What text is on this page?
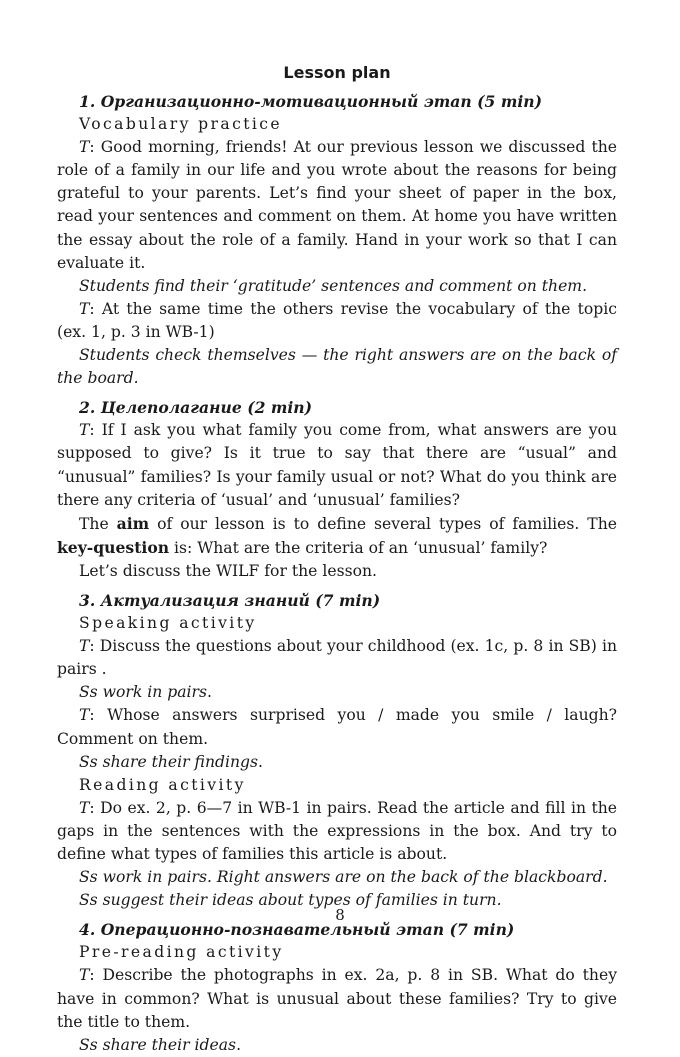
Lesson plan
1. Организационно-мотивационный этап (5 min)
Vocabulary practice

T: Good morning, friends! At our previous lesson we discussed the role of a family in our life and you wrote about the reasons for being grateful to your parents. Let’s find your sheet of paper in the box, read your sentences and comment on them. At home you have written the essay about the role of a family. Hand in your work so that I can evaluate it.

Students find their ‘gratitude’ sentences and comment on them.

T: At the same time the others revise the vocabulary of the topic (ex. 1, p. 3 in WB-1)

Students check themselves — the right answers are on the back of the board.

2. Целеполагание (2 min)

T: If I ask you what family you come from, what answers are you supposed to give? Is it true to say that there are “usual” and “unusual” families? Is your family usual or not? What do you think are there any criteria of ‘usual’ and ‘unusual’ families?

The aim of our lesson is to define several types of families. The key-question is: What are the criteria of an ‘unusual’ family?

Let’s discuss the WILF for the lesson.

3. Актуализация знаний (7 min)
Speaking activity

T: Discuss the questions about your childhood (ex. 1c, p. 8 in SB) in pairs .

Ss work in pairs.

T: Whose answers surprised you / made you smile / laugh? Comment on them.

Ss share their findings.

Reading activity

T: Do ex. 2, p. 6—7 in WB-1 in pairs. Read the article and fill in the gaps in the sentences with the expressions in the box. And try to define what types of families this article is about.

Ss work in pairs. Right answers are on the back of the blackboard.

Ss suggest their ideas about types of families in turn.

4. Операционно-познавательный этап (7 min)
Pre-reading activity

T: Describe the photographs in ex. 2a, p. 8 in SB. What do they have in common? What is unusual about these families? Try to give the title to them.

Ss share their ideas.

8
